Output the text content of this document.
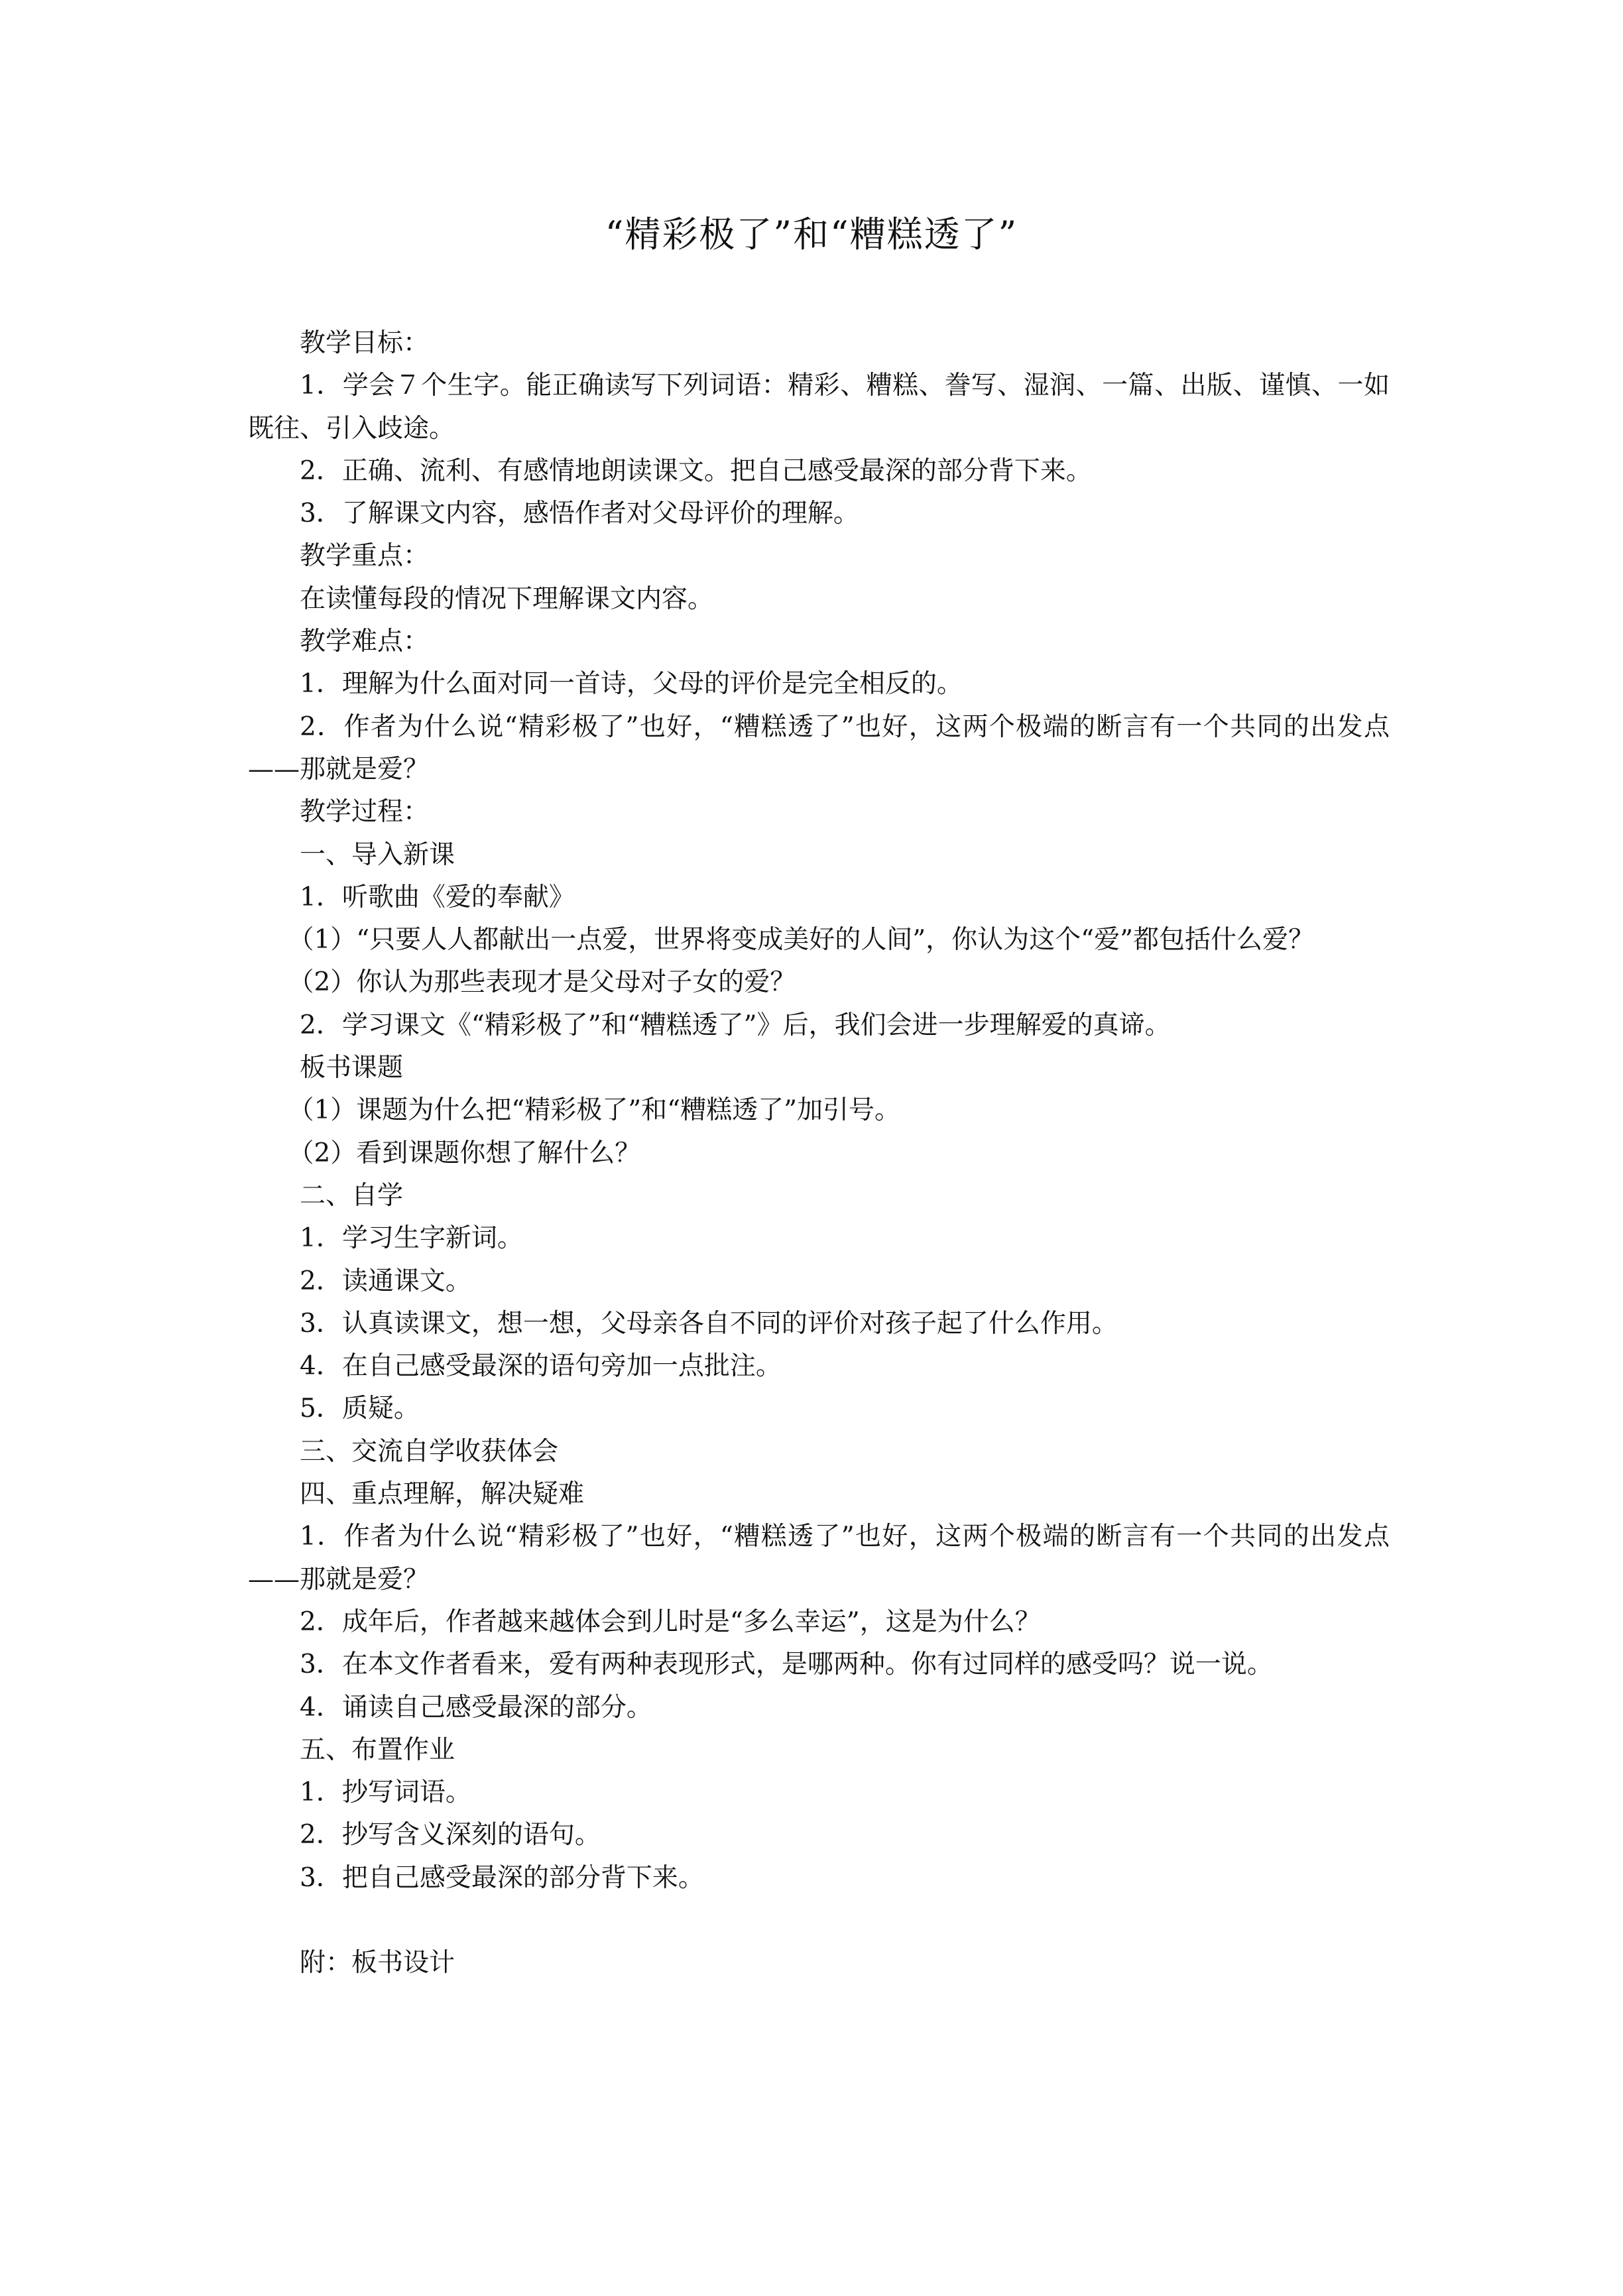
“精彩极了”和“糟糕透了”

教学目标：

1．学会７个生字。能正确读写下列词语：精彩、糟糕、誊写、湿润、一篇、出版、谨慎、一如既往、引入歧途。

2．正确、流利、有感情地朗读课文。把自己感受最深的部分背下来。

3．了解课文内容，感悟作者对父母评价的理解。

教学重点：

在读懂每段的情况下理解课文内容。

教学难点：

1．理解为什么面对同一首诗，父母的评价是完全相反的。

2．作者为什么说“精彩极了”也好，“糟糕透了”也好，这两个极端的断言有一个共同的出发点——那就是爱？

教学过程：

一、导入新课

1．听歌曲《爱的奉献》

（1）“只要人人都献出一点爱，世界将变成美好的人间”，你认为这个“爱”都包括什么爱？

（2）你认为那些表现才是父母对子女的爱？

2．学习课文《“精彩极了”和“糟糕透了”》后，我们会进一步理解爱的真谛。

板书课题

（1）课题为什么把“精彩极了”和“糟糕透了”加引号。

（2）看到课题你想了解什么？

二、自学

1．学习生字新词。

2．读通课文。

3．认真读课文，想一想，父母亲各自不同的评价对孩子起了什么作用。

4．在自己感受最深的语句旁加一点批注。

5．质疑。

三、交流自学收获体会

四、重点理解，解决疑难

1．作者为什么说“精彩极了”也好，“糟糕透了”也好，这两个极端的断言有一个共同的出发点——那就是爱？

2．成年后，作者越来越体会到儿时是“多么幸运”，这是为什么？

3．在本文作者看来，爱有两种表现形式，是哪两种。你有过同样的感受吗？说一说。

4．诵读自己感受最深的部分。

五、布置作业

1．抄写词语。

2．抄写含义深刻的语句。

3．把自己感受最深的部分背下来。

附：板书设计
